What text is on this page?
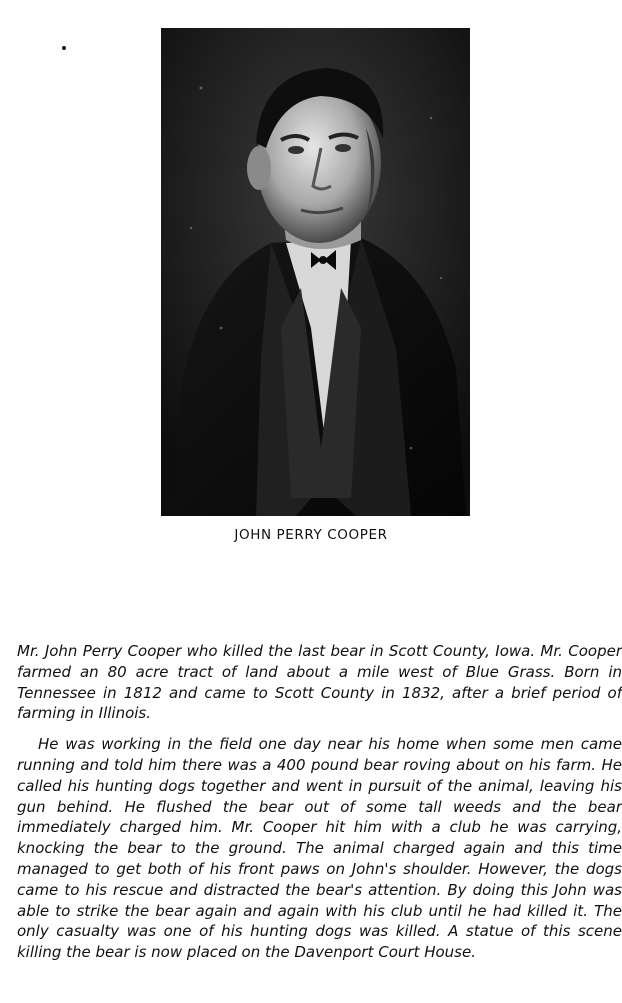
JOHN PERRY COOPER

Mr. John Perry Cooper who killed the last bear in Scott County, Iowa. Mr. Cooper farmed an 80 acre tract of land about a mile west of Blue Grass. Born in Tennessee in 1812 and came to Scott County in 1832, after a brief period of farming in Illinois.

He was working in the field one day near his home when some men came running and told him there was a 400 pound bear roving about on his farm. He called his hunting dogs together and went in pursuit of the animal, leaving his gun behind. He flushed the bear out of some tall weeds and the bear immediately charged him. Mr. Cooper hit him with a club he was carrying, knocking the bear to the ground. The animal charged again and this time managed to get both of his front paws on John's shoulder. However, the dogs came to his rescue and distracted the bear's attention. By doing this John was able to strike the bear again and again with his club until he had killed it. The only casualty was one of his hunting dogs was killed. A statue of this scene killing the bear is now placed on the Davenport Court House.
